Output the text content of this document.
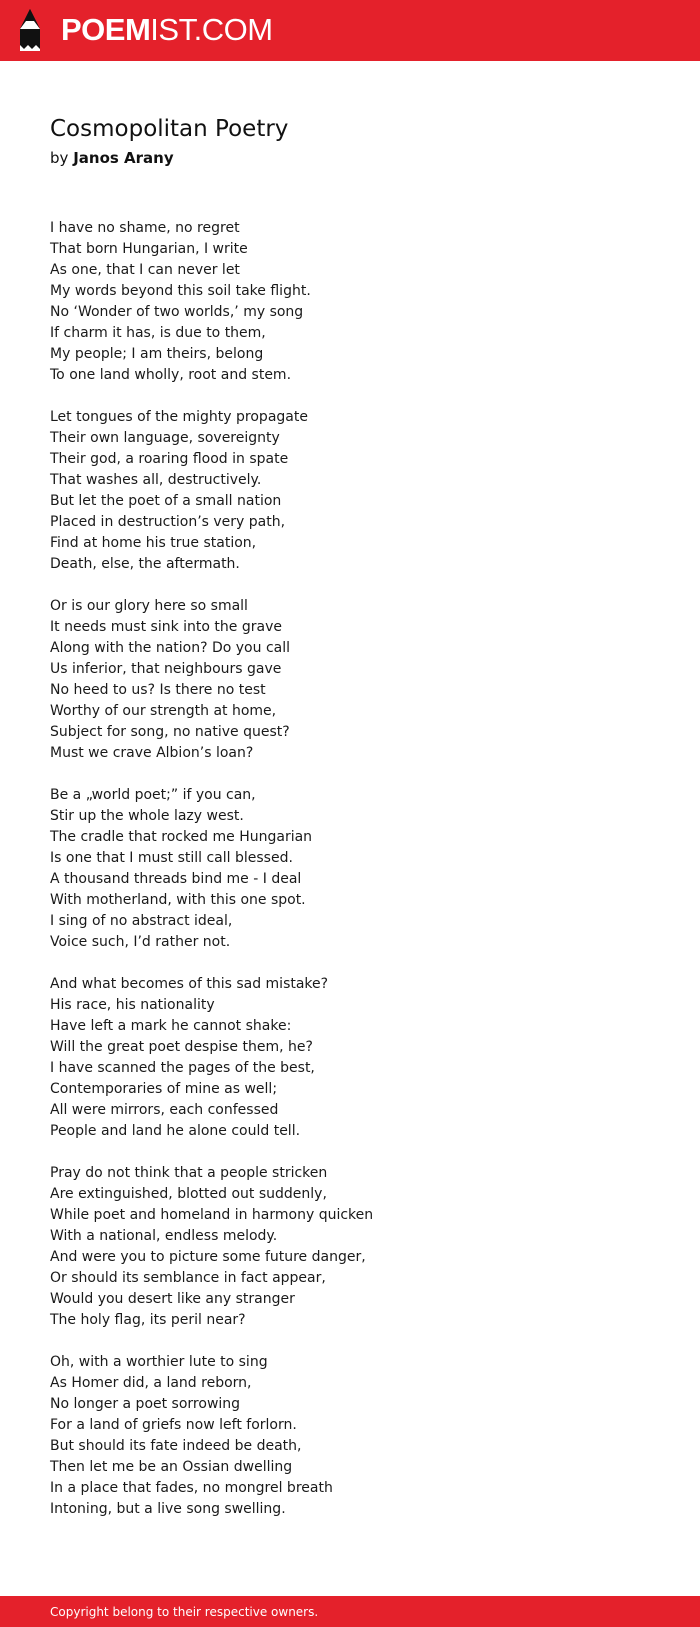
POEMIST.COM
Cosmopolitan Poetry
by Janos Arany
I have no shame, no regret
That born Hungarian, I write
As one, that I can never let
My words beyond this soil take flight.
No ‘Wonder of two worlds,’ my song
If charm it has, is due to them,
My people; I am theirs, belong
To one land wholly, root and stem.
Let tongues of the mighty propagate
Their own language, sovereignty
Their god, a roaring flood in spate
That washes all, destructively.
But let the poet of a small nation
Placed in destruction’s very path,
Find at home his true station,
Death, else, the aftermath.
Or is our glory here so small
It needs must sink into the grave
Along with the nation? Do you call
Us inferior, that neighbours gave
No heed to us? Is there no test
Worthy of our strength at home,
Subject for song, no native quest?
Must we crave Albion’s loan?
Be a „world poet;” if you can,
Stir up the whole lazy west.
The cradle that rocked me Hungarian
Is one that I must still call blessed.
A thousand threads bind me - I deal
With motherland, with this one spot.
I sing of no abstract ideal,
Voice such, I’d rather not.
And what becomes of this sad mistake?
His race, his nationality
Have left a mark he cannot shake:
Will the great poet despise them, he?
I have scanned the pages of the best,
Contemporaries of mine as well;
All were mirrors, each confessed
People and land he alone could tell.
Pray do not think that a people stricken
Are extinguished, blotted out suddenly,
While poet and homeland in harmony quicken
With a national, endless melody.
And were you to picture some future danger,
Or should its semblance in fact appear,
Would you desert like any stranger
The holy flag, its peril near?
Oh, with a worthier lute to sing
As Homer did, a land reborn,
No longer a poet sorrowing
For a land of griefs now left forlorn.
But should its fate indeed be death,
Then let me be an Ossian dwelling
In a place that fades, no mongrel breath
Intoning, but a live song swelling.
Copyright belong to their respective owners.
